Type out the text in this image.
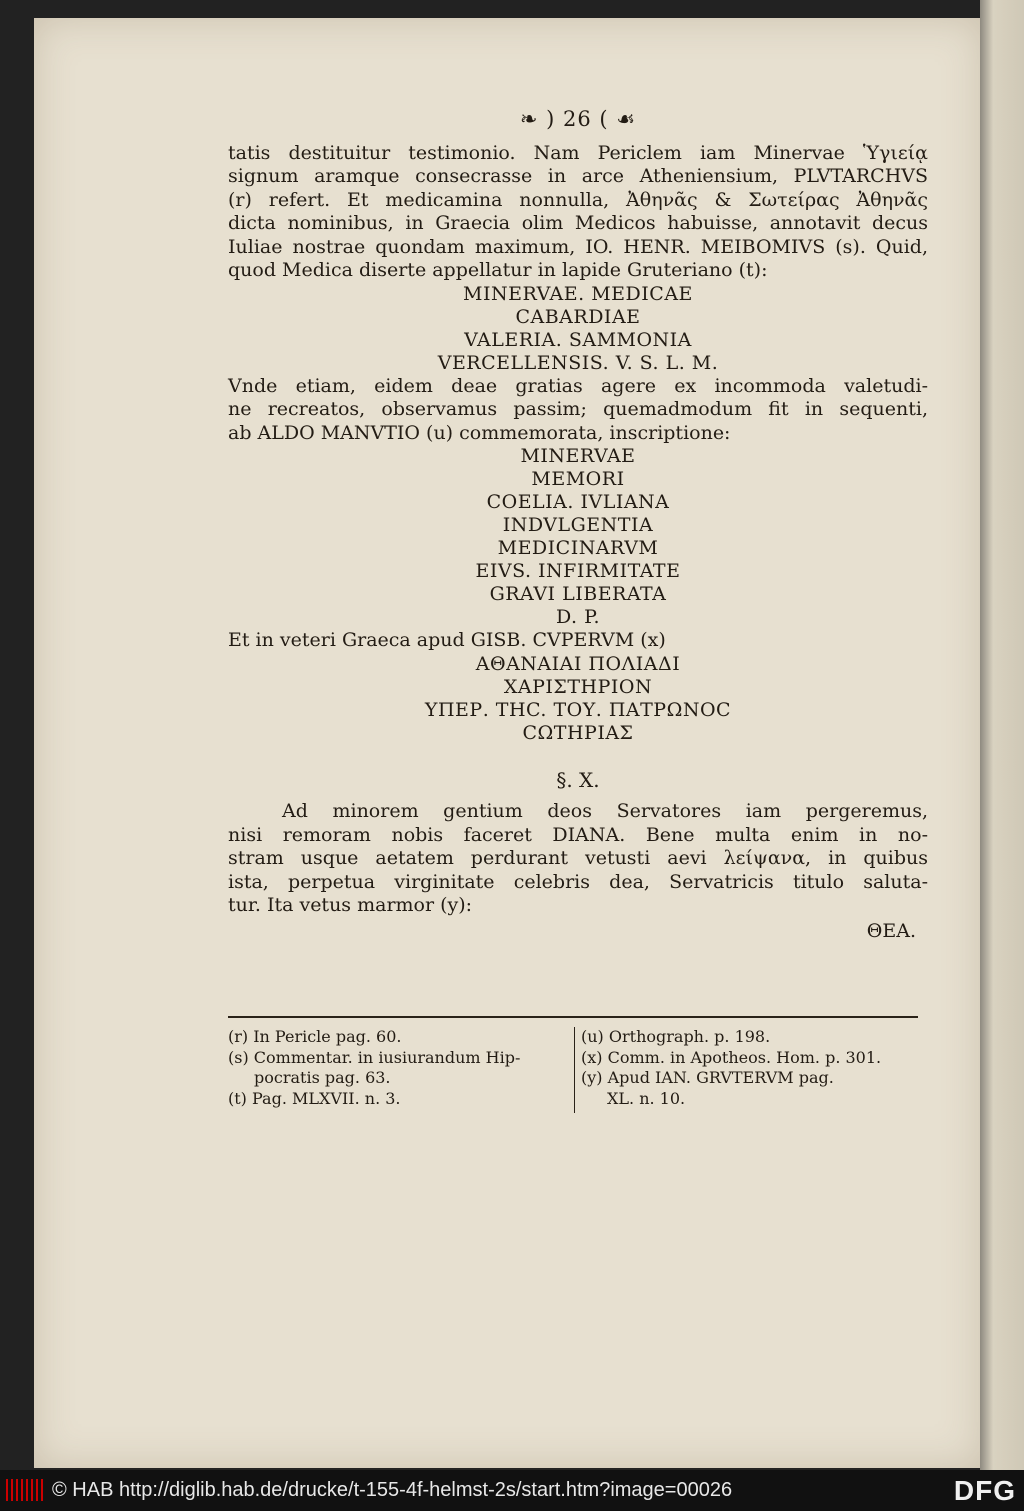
❧ ) 26 ( ☙
tatis destituitur testimonio. Nam Periclem iam Minervae Ὑγιείᾳ
signum aramque consecrasse in arce Atheniensium, PLVTARCHVS
(r) refert. Et medicamina nonnulla, Ἀθηνᾶς & Σωτείρας Ἀθηνᾶς
dicta nominibus, in Graecia olim Medicos habuisse, annotavit decus
Iuliae nostrae quondam maximum, IO. HENR. MEIBOMIVS (s). Quid,
quod Medica diserte appellatur in lapide Gruteriano (t):
MINERVAE. MEDICAE
CABARDIAE
VALERIA. SAMMONIA
VERCELLENSIS. V. S. L. M.
Vnde etiam, eidem deae gratias agere ex incommoda valetudi-
ne recreatos, observamus passim; quemadmodum fit in sequenti,
ab ALDO MANVTIO (u) commemorata, inscriptione:
MINERVAE
MEMORI
COELIA. IVLIANA
INDVLGENTIA
MEDICINARVM
EIVS. INFIRMITATE
GRAVI LIBERATA
D. P.
Et in veteri Graeca apud GISB. CVPERVM (x)
ΑΘΑΝΑΙΑΙ ΠΟΛΙΑΔΙ
ΧΑΡΙΣΤΗΡΙΟΝ
ΥΠΕΡ. ΤΗC. ΤΟΥ. ΠΑΤΡΩΝΟC
CΩΤΗΡΙΑΣ
§. X.
Ad minorem gentium deos Servatores iam pergeremus,
nisi remoram nobis faceret DIANA. Bene multa enim in no-
stram usque aetatem perdurant vetusti aevi λείψανα, in quibus
ista, perpetua virginitate celebris dea, Servatricis titulo saluta-
tur. Ita vetus marmor (y):
ΘΕΑ.
(r) In Pericle pag. 60.
(s) Commentar. in iusiurandum Hip-
pocratis pag. 63.
(t) Pag. MLXVII. n. 3.
(u) Orthograph. p. 198.
(x) Comm. in Apotheos. Hom. p. 301.
(y) Apud IAN. GRVTERVM pag.
XL. n. 10.
© HAB http://diglib.hab.de/drucke/t-155-4f-helmst-2s/start.htm?image=00026	DFG
